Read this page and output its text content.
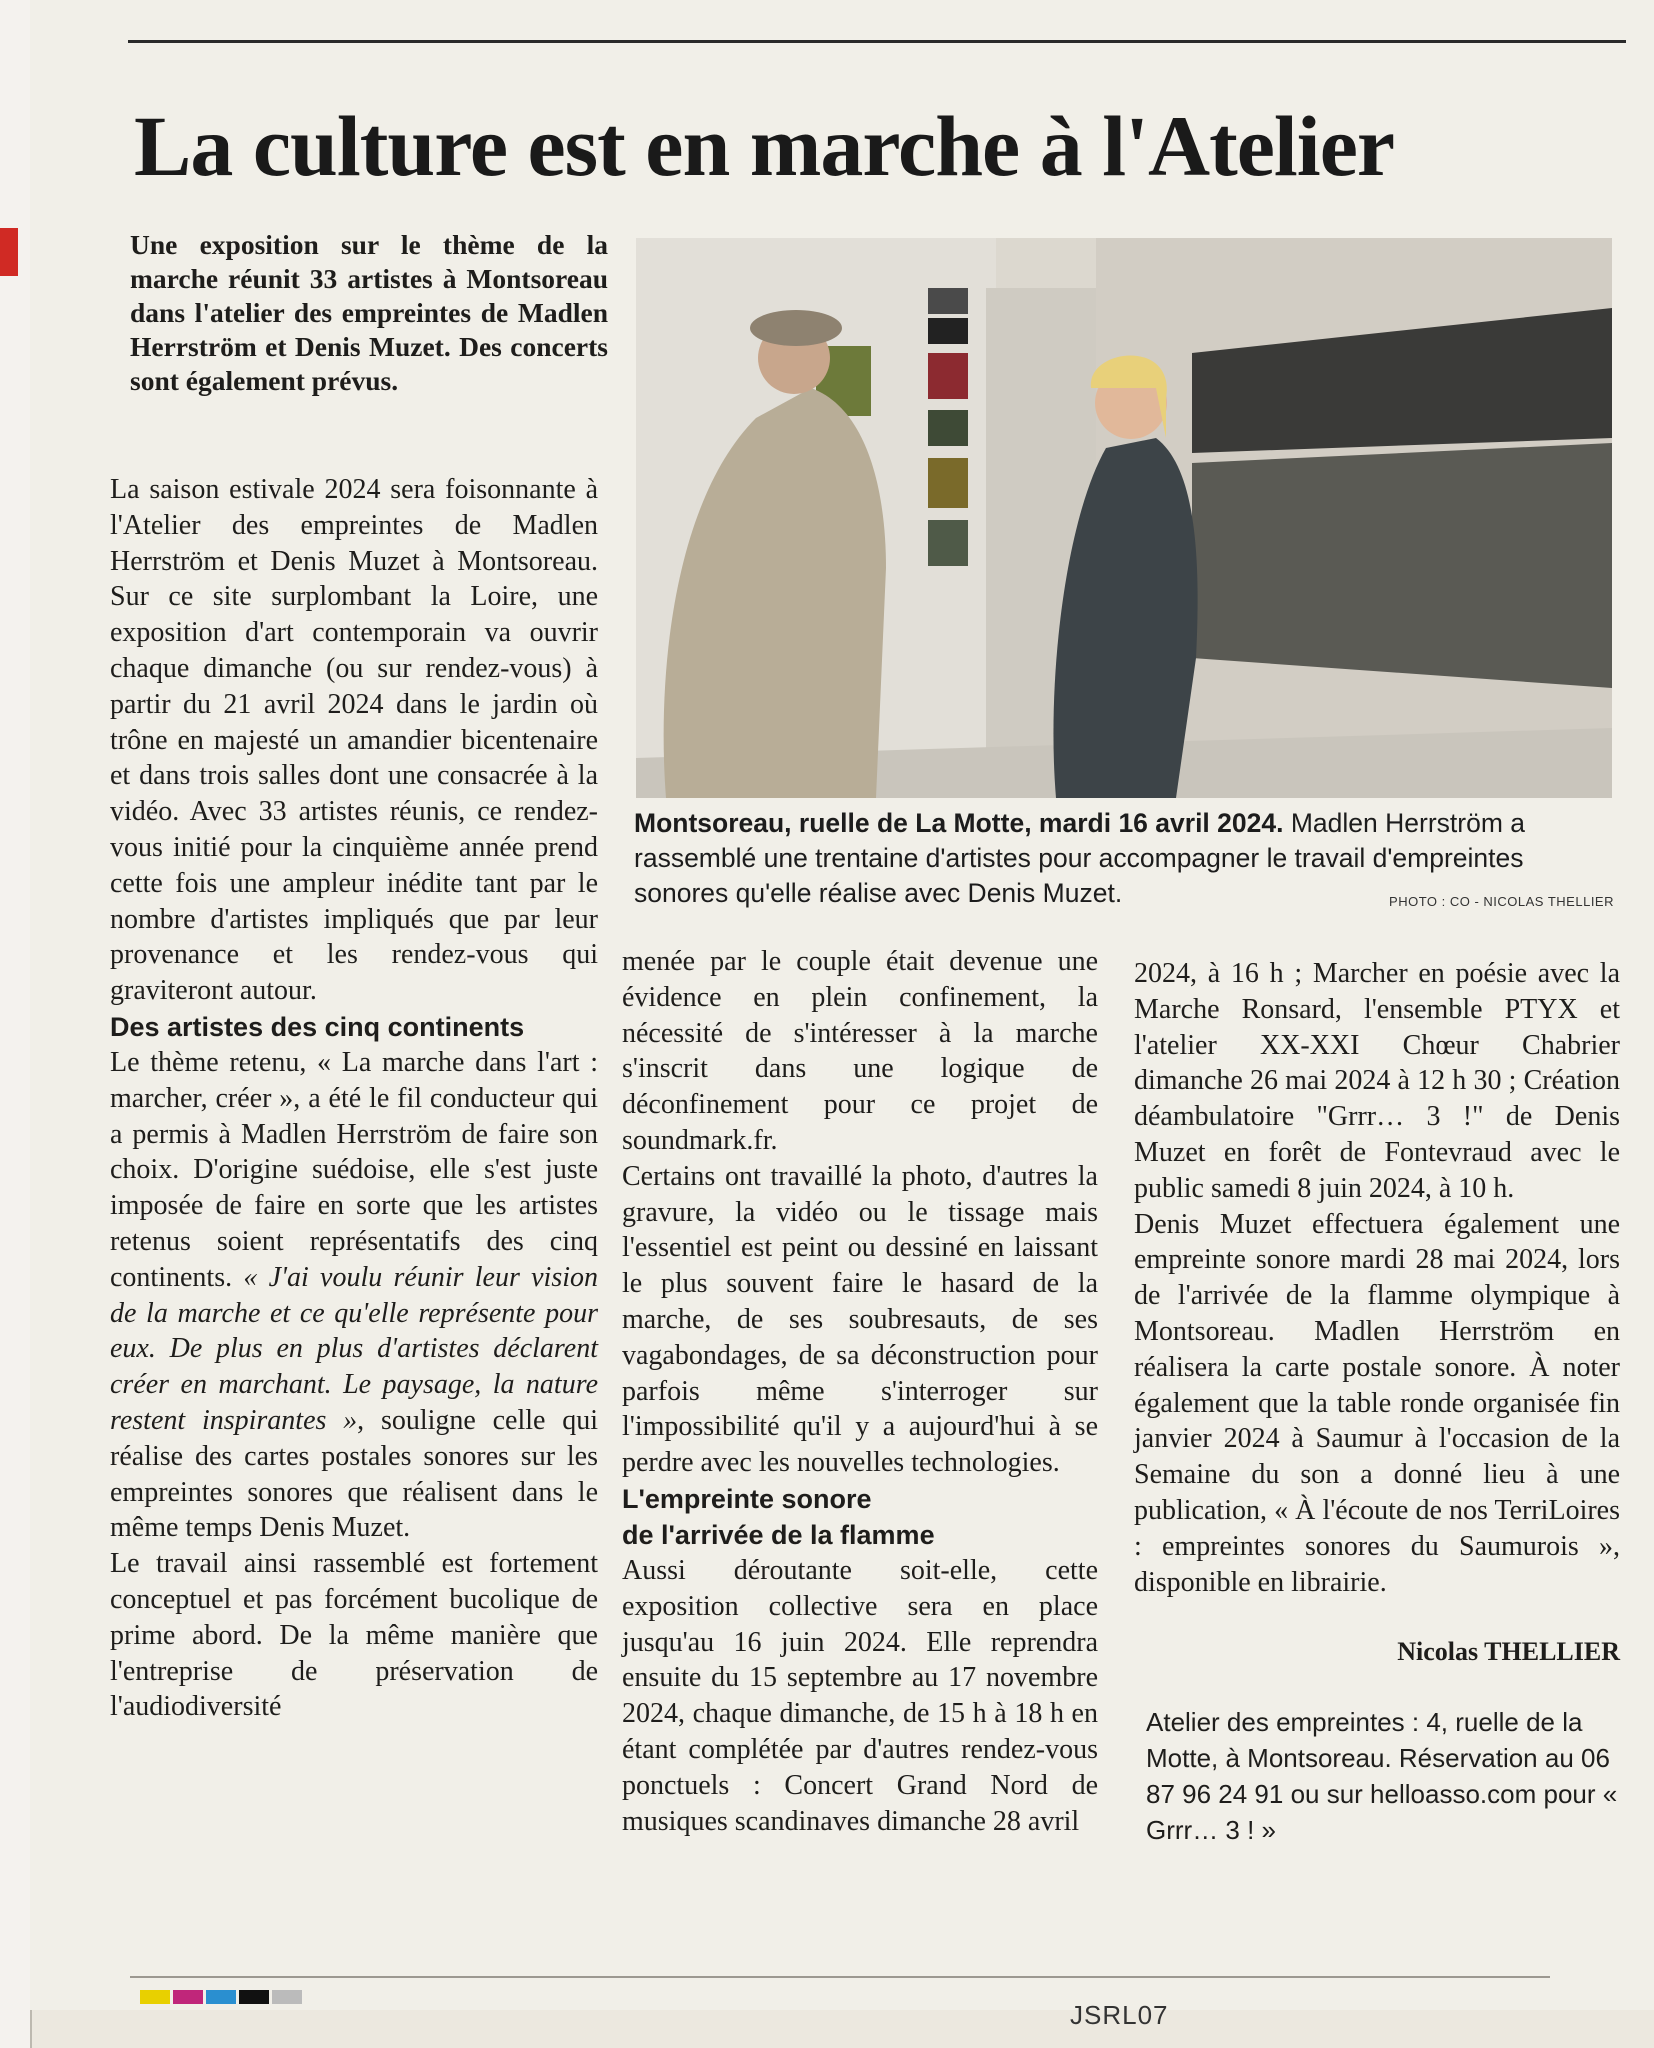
La culture est en marche à l'Atelier
Une exposition sur le thème de la marche réunit 33 artistes à Montsoreau dans l'atelier des empreintes de Madlen Herrström et Denis Muzet. Des concerts sont également prévus.

La saison estivale 2024 sera foisonnante à l'Atelier des empreintes de Madlen Herrström et Denis Muzet à Montsoreau. Sur ce site surplombant la Loire, une exposition d'art contemporain va ouvrir chaque dimanche (ou sur rendez-vous) à partir du 21 avril 2024 dans le jardin où trône en majesté un amandier bicentenaire et dans trois salles dont une consacrée à la vidéo. Avec 33 artistes réunis, ce rendez-vous initié pour la cinquième année prend cette fois une ampleur inédite tant par le nombre d'artistes impliqués que par leur provenance et les rendez-vous qui graviteront autour.

Des artistes des cinq continents

Le thème retenu, « La marche dans l'art : marcher, créer », a été le fil conducteur qui a permis à Madlen Herrström de faire son choix. D'origine suédoise, elle s'est juste imposée de faire en sorte que les artistes retenus soient représentatifs des cinq continents. « J'ai voulu réunir leur vision de la marche et ce qu'elle représente pour eux. De plus en plus d'artistes déclarent créer en marchant. Le paysage, la nature restent inspirantes », souligne celle qui réalise des cartes postales sonores sur les empreintes sonores que réalisent dans le même temps Denis Muzet.

Le travail ainsi rassemblé est fortement conceptuel et pas forcément bucolique de prime abord. De la même manière que l'entreprise de préservation de l'audiodiversité

Montsoreau, ruelle de La Motte, mardi 16 avril 2024. Madlen Herrström a rassemblé une trentaine d'artistes pour accompagner le travail d'empreintes sonores qu'elle réalise avec Denis Muzet.	PHOTO : CO - NICOLAS THELLIER

menée par le couple était devenue une évidence en plein confinement, la nécessité de s'intéresser à la marche s'inscrit dans une logique de déconfinement pour ce projet de soundmark.fr.

Certains ont travaillé la photo, d'autres la gravure, la vidéo ou le tissage mais l'essentiel est peint ou dessiné en laissant le plus souvent faire le hasard de la marche, de ses soubresauts, de ses vagabondages, de sa déconstruction pour parfois même s'interroger sur l'impossibilité qu'il y a aujourd'hui à se perdre avec les nouvelles technologies.

L'empreinte sonore
de l'arrivée de la flamme

Aussi déroutante soit-elle, cette exposition collective sera en place jusqu'au 16 juin 2024. Elle reprendra ensuite du 15 septembre au 17 novembre 2024, chaque dimanche, de 15 h à 18 h en étant complétée par d'autres rendez-vous ponctuels : Concert Grand Nord de musiques scandinaves dimanche 28 avril

2024, à 16 h ; Marcher en poésie avec la Marche Ronsard, l'ensemble PTYX et l'atelier XX-XXI Chœur Chabrier dimanche 26 mai 2024 à 12 h 30 ; Création déambulatoire "Grrr… 3 !" de Denis Muzet en forêt de Fontevraud avec le public samedi 8 juin 2024, à 10 h.

Denis Muzet effectuera également une empreinte sonore mardi 28 mai 2024, lors de l'arrivée de la flamme olympique à Montsoreau. Madlen Herrström en réalisera la carte postale sonore. À noter également que la table ronde organisée fin janvier 2024 à Saumur à l'occasion de la Semaine du son a donné lieu à une publication, « À l'écoute de nos TerriLoires : empreintes sonores du Saumurois », disponible en librairie.

Nicolas THELLIER
Atelier des empreintes : 4, ruelle de la Motte, à Montsoreau. Réservation au 06 87 96 24 91 ou sur helloasso.com pour « Grrr… 3 ! »
JSRL07
